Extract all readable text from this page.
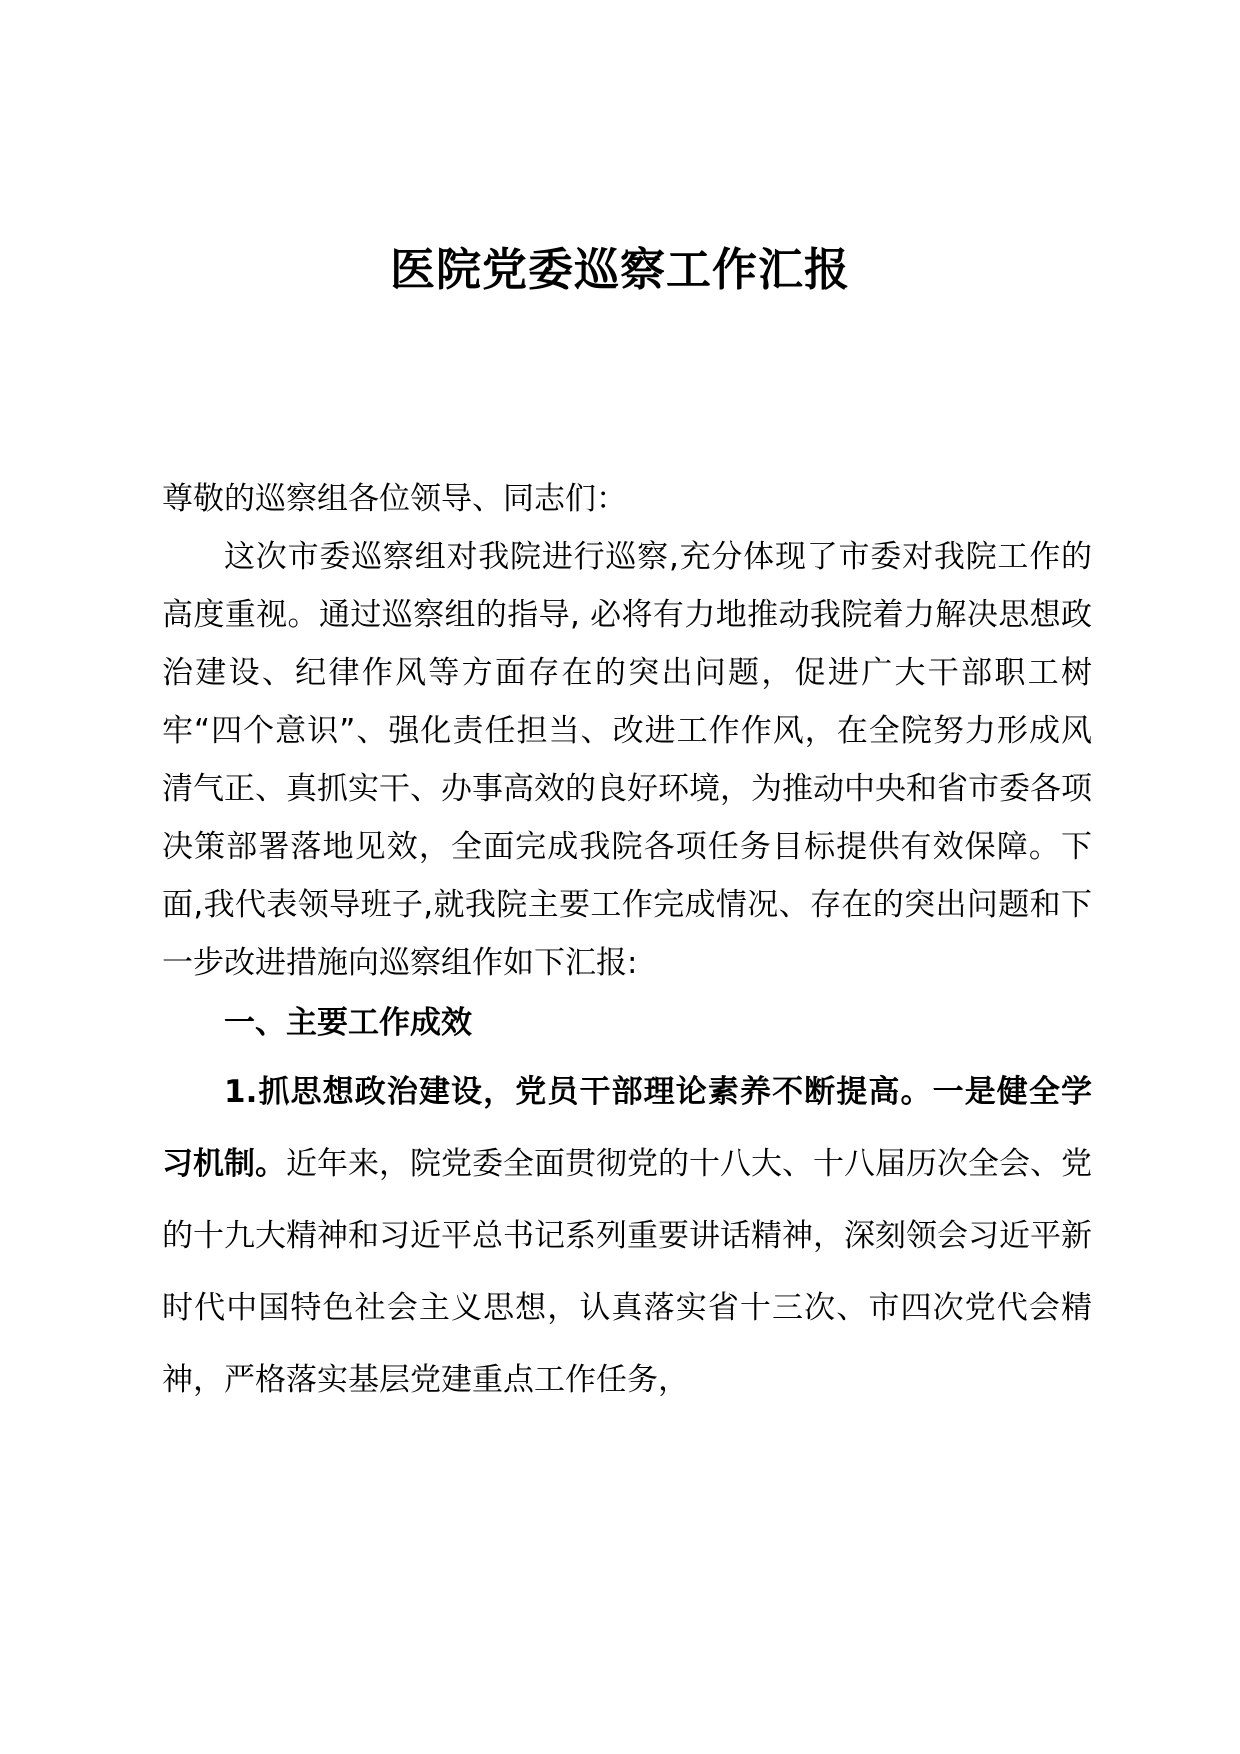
医院党委巡察工作汇报

尊敬的巡察组各位领导、同志们：

这次市委巡察组对我院进行巡察,充分体现了市委对我院工作的高度重视。通过巡察组的指导, 必将有力地推动我院着力解决思想政治建设、纪律作风等方面存在的突出问题，促进广大干部职工树牢“四个意识”、强化责任担当、改进工作作风，在全院努力形成风清气正、真抓实干、办事高效的良好环境，为推动中央和省市委各项决策部署落地见效，全面完成我院各项任务目标提供有效保障。下面,我代表领导班子,就我院主要工作完成情况、存在的突出问题和下一步改进措施向巡察组作如下汇报:

一、主要工作成效

1.抓思想政治建设，党员干部理论素养不断提高。一是健全学习机制。近年来，院党委全面贯彻党的十八大、十八届历次全会、党的十九大精神和习近平总书记系列重要讲话精神，深刻领会习近平新时代中国特色社会主义思想，认真落实省十三次、市四次党代会精神，严格落实基层党建重点工作任务，
